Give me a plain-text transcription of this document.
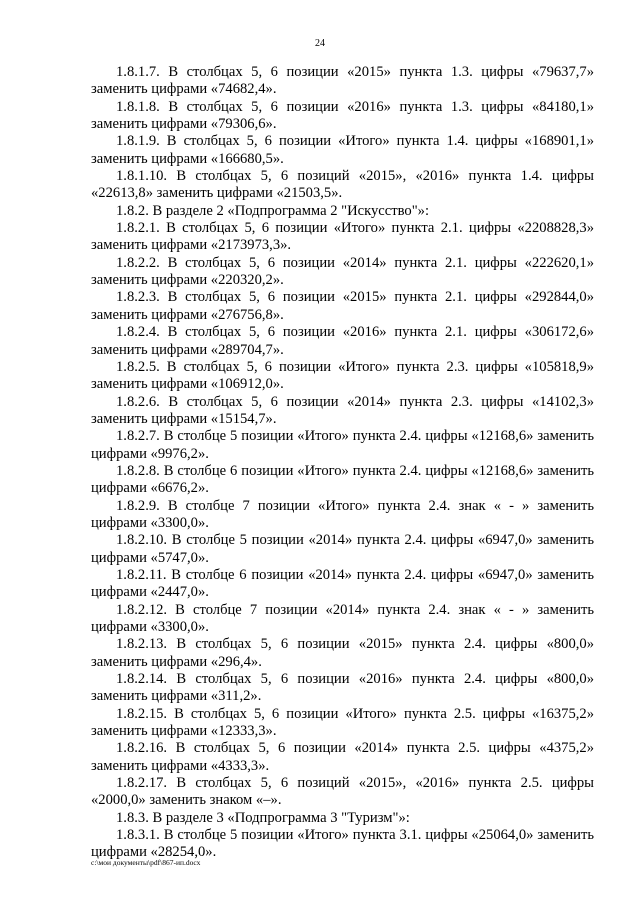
24

1.8.1.7. В столбцах 5, 6 позиции «2015» пункта 1.3. цифры «79637,7» заменить цифрами «74682,4».

1.8.1.8. В столбцах 5, 6 позиции «2016» пункта 1.3. цифры «84180,1» заменить цифрами «79306,6».

1.8.1.9. В столбцах 5, 6 позиции «Итого» пункта 1.4. цифры «168901,1» заменить цифрами «166680,5».

1.8.1.10. В столбцах 5, 6 позиций «2015», «2016» пункта 1.4. цифры «22613,8» заменить цифрами «21503,5».

1.8.2. В разделе 2 «Подпрограмма 2 "Искусство"»:

1.8.2.1. В столбцах 5, 6 позиции «Итого» пункта 2.1. цифры «2208828,3» заменить цифрами «2173973,3».

1.8.2.2. В столбцах 5, 6 позиции «2014» пункта 2.1. цифры «222620,1» заменить цифрами «220320,2».

1.8.2.3. В столбцах 5, 6 позиции «2015» пункта 2.1. цифры «292844,0» заменить цифрами «276756,8».

1.8.2.4. В столбцах 5, 6 позиции «2016» пункта 2.1. цифры «306172,6» заменить цифрами «289704,7».

1.8.2.5. В столбцах 5, 6 позиции «Итого» пункта 2.3. цифры «105818,9» заменить цифрами «106912,0».

1.8.2.6. В столбцах 5, 6 позиции «2014» пункта 2.3. цифры «14102,3» заменить цифрами «15154,7».

1.8.2.7. В столбце 5 позиции «Итого» пункта 2.4. цифры «12168,6» заменить цифрами «9976,2».

1.8.2.8. В столбце 6 позиции «Итого» пункта 2.4. цифры «12168,6» заменить цифрами «6676,2».

1.8.2.9. В столбце 7 позиции «Итого» пункта 2.4. знак « - » заменить цифрами «3300,0».

1.8.2.10. В столбце 5 позиции «2014» пункта 2.4. цифры «6947,0» заменить цифрами «5747,0».

1.8.2.11. В столбце 6 позиции «2014» пункта 2.4. цифры «6947,0» заменить цифрами «2447,0».

1.8.2.12. В столбце 7 позиции «2014» пункта 2.4. знак « - » заменить цифрами «3300,0».

1.8.2.13. В столбцах 5, 6 позиции «2015» пункта 2.4. цифры «800,0» заменить цифрами «296,4».

1.8.2.14. В столбцах 5, 6 позиции «2016» пункта 2.4. цифры «800,0» заменить цифрами «311,2».

1.8.2.15. В столбцах 5, 6 позиции «Итого» пункта 2.5. цифры «16375,2» заменить цифрами «12333,3».

1.8.2.16. В столбцах 5, 6 позиции «2014» пункта 2.5. цифры «4375,2» заменить цифрами «4333,3».

1.8.2.17. В столбцах 5, 6 позиций «2015», «2016» пункта 2.5. цифры «2000,0» заменить знаком «–».

1.8.3. В разделе 3 «Подпрограмма 3 "Туризм"»:

1.8.3.1. В столбце 5 позиции «Итого» пункта 3.1. цифры «25064,0» заменить цифрами «28254,0».

c:\мои документы\pdf\867-ип.docx
